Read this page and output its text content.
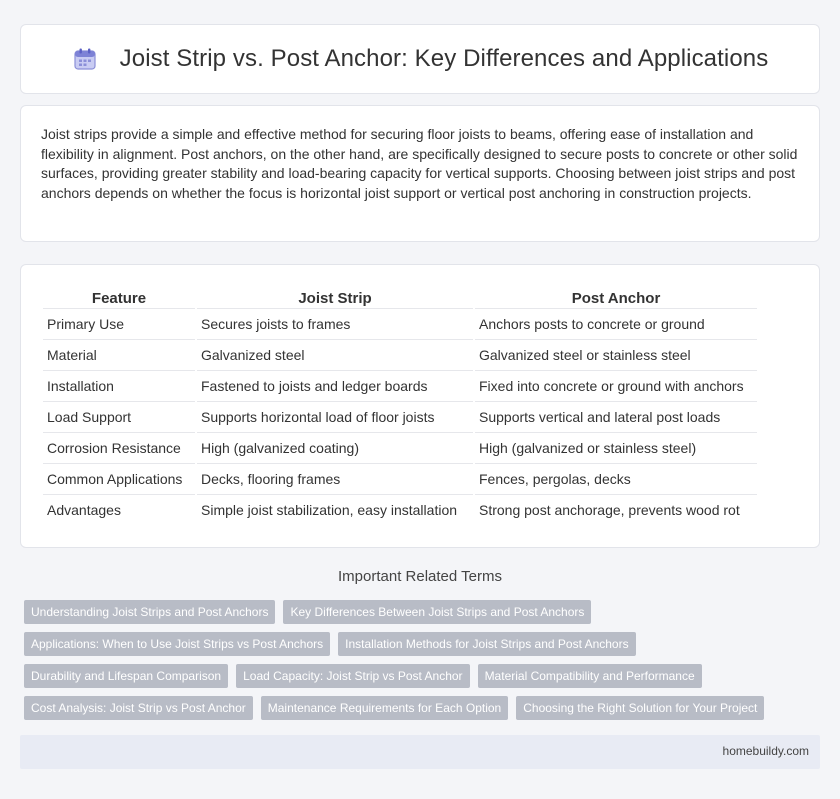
Joist Strip vs. Post Anchor: Key Differences and Applications

Joist strips provide a simple and effective method for securing floor joists to beams, offering ease of installation and flexibility in alignment. Post anchors, on the other hand, are specifically designed to secure posts to concrete or other solid surfaces, providing greater stability and load-bearing capacity for vertical supports. Choosing between joist strips and post anchors depends on whether the focus is horizontal joist support or vertical post anchoring in construction projects.

Feature	Joist Strip	Post Anchor
Primary Use	Secures joists to frames	Anchors posts to concrete or ground
Material	Galvanized steel	Galvanized steel or stainless steel
Installation	Fastened to joists and ledger boards	Fixed into concrete or ground with anchors
Load Support	Supports horizontal load of floor joists	Supports vertical and lateral post loads
Corrosion Resistance	High (galvanized coating)	High (galvanized or stainless steel)
Common Applications	Decks, flooring frames	Fences, pergolas, decks
Advantages	Simple joist stabilization, easy installation	Strong post anchorage, prevents wood rot
Important Related Terms
Understanding Joist Strips and Post Anchors	Key Differences Between Joist Strips and Post Anchors
Applications: When to Use Joist Strips vs Post Anchors	Installation Methods for Joist Strips and Post Anchors
Durability and Lifespan Comparison	Load Capacity: Joist Strip vs Post Anchor	Material Compatibility and Performance
Cost Analysis: Joist Strip vs Post Anchor	Maintenance Requirements for Each Option	Choosing the Right Solution for Your Project
homebuildy.com
